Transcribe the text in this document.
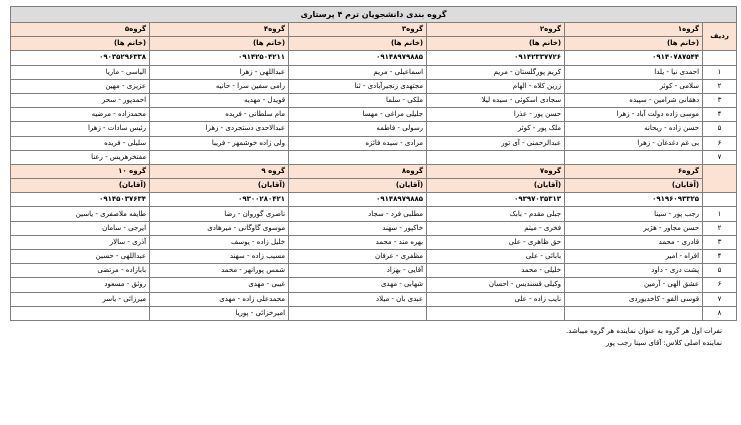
گروه بندی دانشجویان ترم ۴ پرستاری					
ردیف	گروه۱	گروه۲	گروه۳	گروه۴	گروه۵
	(خانم ها)	(خانم ها)	(خانم ها)	(خانم ها)	(خانم ها)
	۰۹۱۴۰۷۸۷۵۴۴	۰۹۱۴۲۳۳۷۷۲۶	۰۹۱۴۸۹۷۹۸۸۵	۰۹۱۴۲۵۰۴۲۱۱	۰۹۰۳۵۲۹۶۳۳۸
۱	احمدی نیا - یلدا	کریم پورگلستان - مریم	اسماعیلی - مریم	عبداللهی - زهرا	الیاسی - ماریا
۲	سلامی - کوثر	زرین کلاه - الهام	مجتهدی زنجیرآبادی - ثنا	رامی سفین سرا - حانیه	عزیزی - مهین
۳	دهقانی شرامین - سپیده	سجادی اسکوئی - سیده لیلا	ملکی - سلما	قویدل - مهدیه	احمدپور - سحر
۴	موسی زاده دولت آباد - زهرا	حسن پور - عذرا	جلیلی مراغی - مهسا	مام سلطانی - فریده	محمدزاده - مرضیه
۵	حسن زاده - ریحانه	ملک پور - کوثر	رسولی - فاطمه	عبدالاحدی دستجردی - زهرا	رئیس سادات - زهرا
۶	بی غم دغدغان - زهرا	عبدالرحمنی - آی تور	مرادی - سیده فائزه	ولی زاده خوشمهر - فریبا	سلیلی - فریده
۷					مفتخرهریس - رعنا
	گروه۶	گروه۷	گروه۸	گروه ۹	گروه ۱۰
	(آقایان)	(آقایان)	(آقایان)	(آقایان)	(آقایان)
	۰۹۱۹۶۰۹۳۳۲۵	۰۹۳۹۷۰۳۵۳۱۳	۰۹۱۴۸۹۷۹۸۸۵	۰۹۳۰۰۲۸۰۴۲۱	۰۹۱۴۵۰۳۷۶۳۴
۱	رجب پور - سینا	جبلی مقدم - بابک	مطلبی فرد - سجاد	ناصری گوروان - رضا	طایفه ملاصفری - یاسین
۲	حسن مجاور - هژیر	فخری - میثم	خاکپور - سهند	موسوی گاوگانی - میرهادی	ایرجی - سامان
۳	قادری - محمد	حق ظاهری - علی	بهره مند - محمد	خلیل زاده - یوسف	آذری - سالار
۴	افراه - امیر	بابائی - علی	مظفری - عرفان	مسیب زاده - سهند	عبداللهی - حسین
۵	پشت دری - داود	خلیلی - محمد	آقایی - بهزاد	شمس پورانهر - محمد	بابازاده - مرتضی
۶	عشق الهی - آرمین	وکیلی قسندیس - احسان	شهابی - مهدی	غیبی - مهدی	روئق - مسعود
۷	قوسی الفو - کاخدیوردی	نایب زاده - علی	عبدی بان - میلاد	محمدعلی زاده - مهدی	میرزائی - یاسر
۸				امیرخزائی - پوریا	
نفرات اول هر گروه به عنوان نماینده هر گروه میباشد.
نماینده اصلی کلاس: آقای سینا رجب پور
